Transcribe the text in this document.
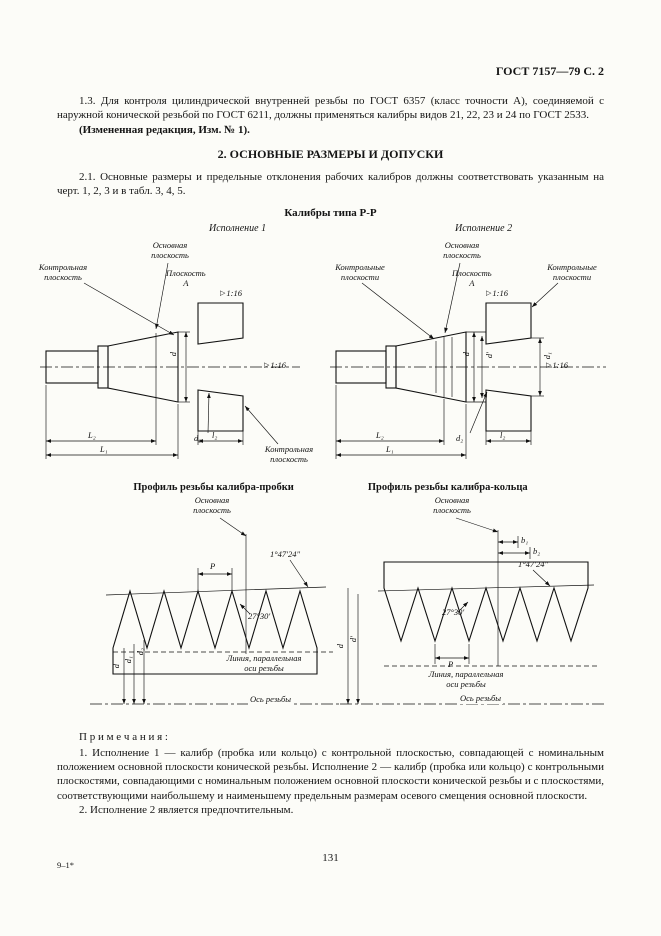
ГОСТ 7157—79 С. 2

1.3. Для контроля цилиндрической внутренней резьбы по ГОСТ 6357 (класс точности А), соединяемой с наружной конической резьбой по ГОСТ 6211, должны применяться калибры видов 21, 22, 23 и 24 по ГОСТ 2533.

(Измененная редакция, Изм. № 1).

2. ОСНОВНЫЕ РАЗМЕРЫ И ДОПУСКИ

2.1. Основные размеры и предельные отклонения рабочих калибров должны соответствовать указанным на черт. 1, 2, 3 и в табл. 3, 4, 5.

Калибры типа Р-Р
Исполнение 1	Исполнение 2
Основная плоскость
Контрольная плоскость	Плоскость
А
▷ 1:16
▷ 1:16
d
d₂
L₂
L₁
l₂
Контрольная плоскость
Основная плоскость
Контрольные плоскости
Контрольные плоскости
Плоскость
А
▷ 1:16
▷ 1:16
d d'
d₂
d₁
L₂
L₁
l₂
Профиль резьбы калибра-пробки	Профиль резьбы калибра-кольца
Основная плоскость
P
27°30'
1°47'24"
d
d₁
d₂
Линия, параллельная оси резьбы
Ось резьбы
Основная плоскость
b₁
b₂
1°47'24"
27°30'
P
d
d'
Линия, параллельная оси резьбы
Ось резьбы

П р и м е ч а н и я :

1. Исполнение 1 — калибр (пробка или кольцо) с контрольной плоскостью, совпадающей с номинальным положением основной плоскости конической резьбы. Исполнение 2 — калибр (пробка или кольцо) с контрольными плоскостями, совпадающими с номинальным положением основной плоскости конической резьбы и с плоскостями, соответствующими наибольшему и наименьшему предельным размерам осевого смещения основной плоскости.

2. Исполнение 2 является предпочтительным.

131
9–1*
